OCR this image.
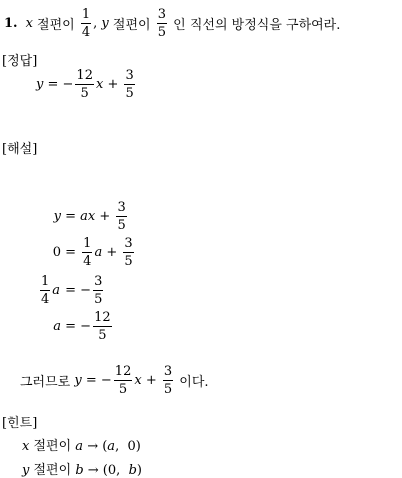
1. x 절편이 $\frac{1}{4}$ , y 절편이 $\frac{3}{5}$ 인 직선의 방정식을 구하여라.
[정답]
y = − $\frac{12}{5}$ $x + \frac{3}{5}$
[해설]
y = ax + $\frac{3}{5}$
$0 = \frac{1}{4}$ $a + \frac{3}{5}$
$\frac{1}{4}$ a = − $\frac{3}{5}$
a = − $\frac{12}{5}$
그러므로 y = − $\frac{12}{5}$ $x + \frac{3}{5}$ 이다.
[힌트]
x 절편이 a → (a,  0)
y 절편이 b → (0,  b)
